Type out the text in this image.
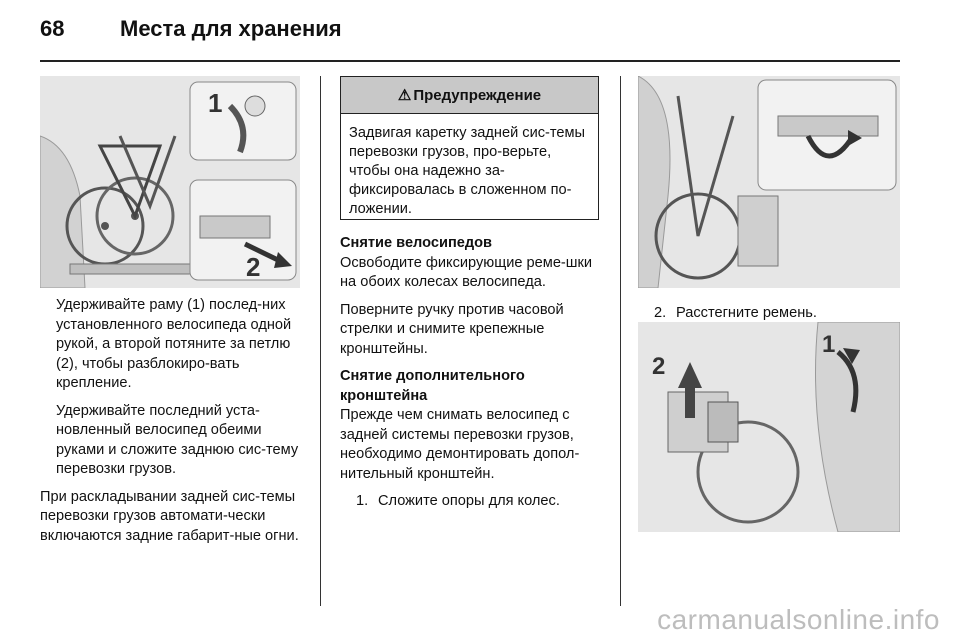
68	Места для хранения
1
2

Удерживайте раму (1) послед-них установленного велосипеда одной рукой, а второй потяните за петлю (2), чтобы разблокиро-вать крепление.

Удерживайте последний уста-новленный велосипед обеими руками и сложите заднюю сис-тему перевозки грузов.

При раскладывании задней сис-темы перевозки грузов автомати-чески включаются задние габарит-ные огни.

⚠ Предупреждение
Задвигая каретку задней сис-темы перевозки грузов, про-верьте, чтобы она надежно за-фиксировалась в сложенном по-ложении.
Снятие велосипедов

Освободите фиксирующие реме-шки на обоих колесах велосипеда.

Поверните ручку против часовой стрелки и снимите крепежные кронштейны.

Снятие дополнительного кронштейна

Прежде чем снимать велосипед с задней системы перевозки грузов, необходимо демонтировать допол-нительный кронштейн.

1. Сложите опоры для колес.

2. Расстегните ремень.

2
1
carmanualsonline.info
